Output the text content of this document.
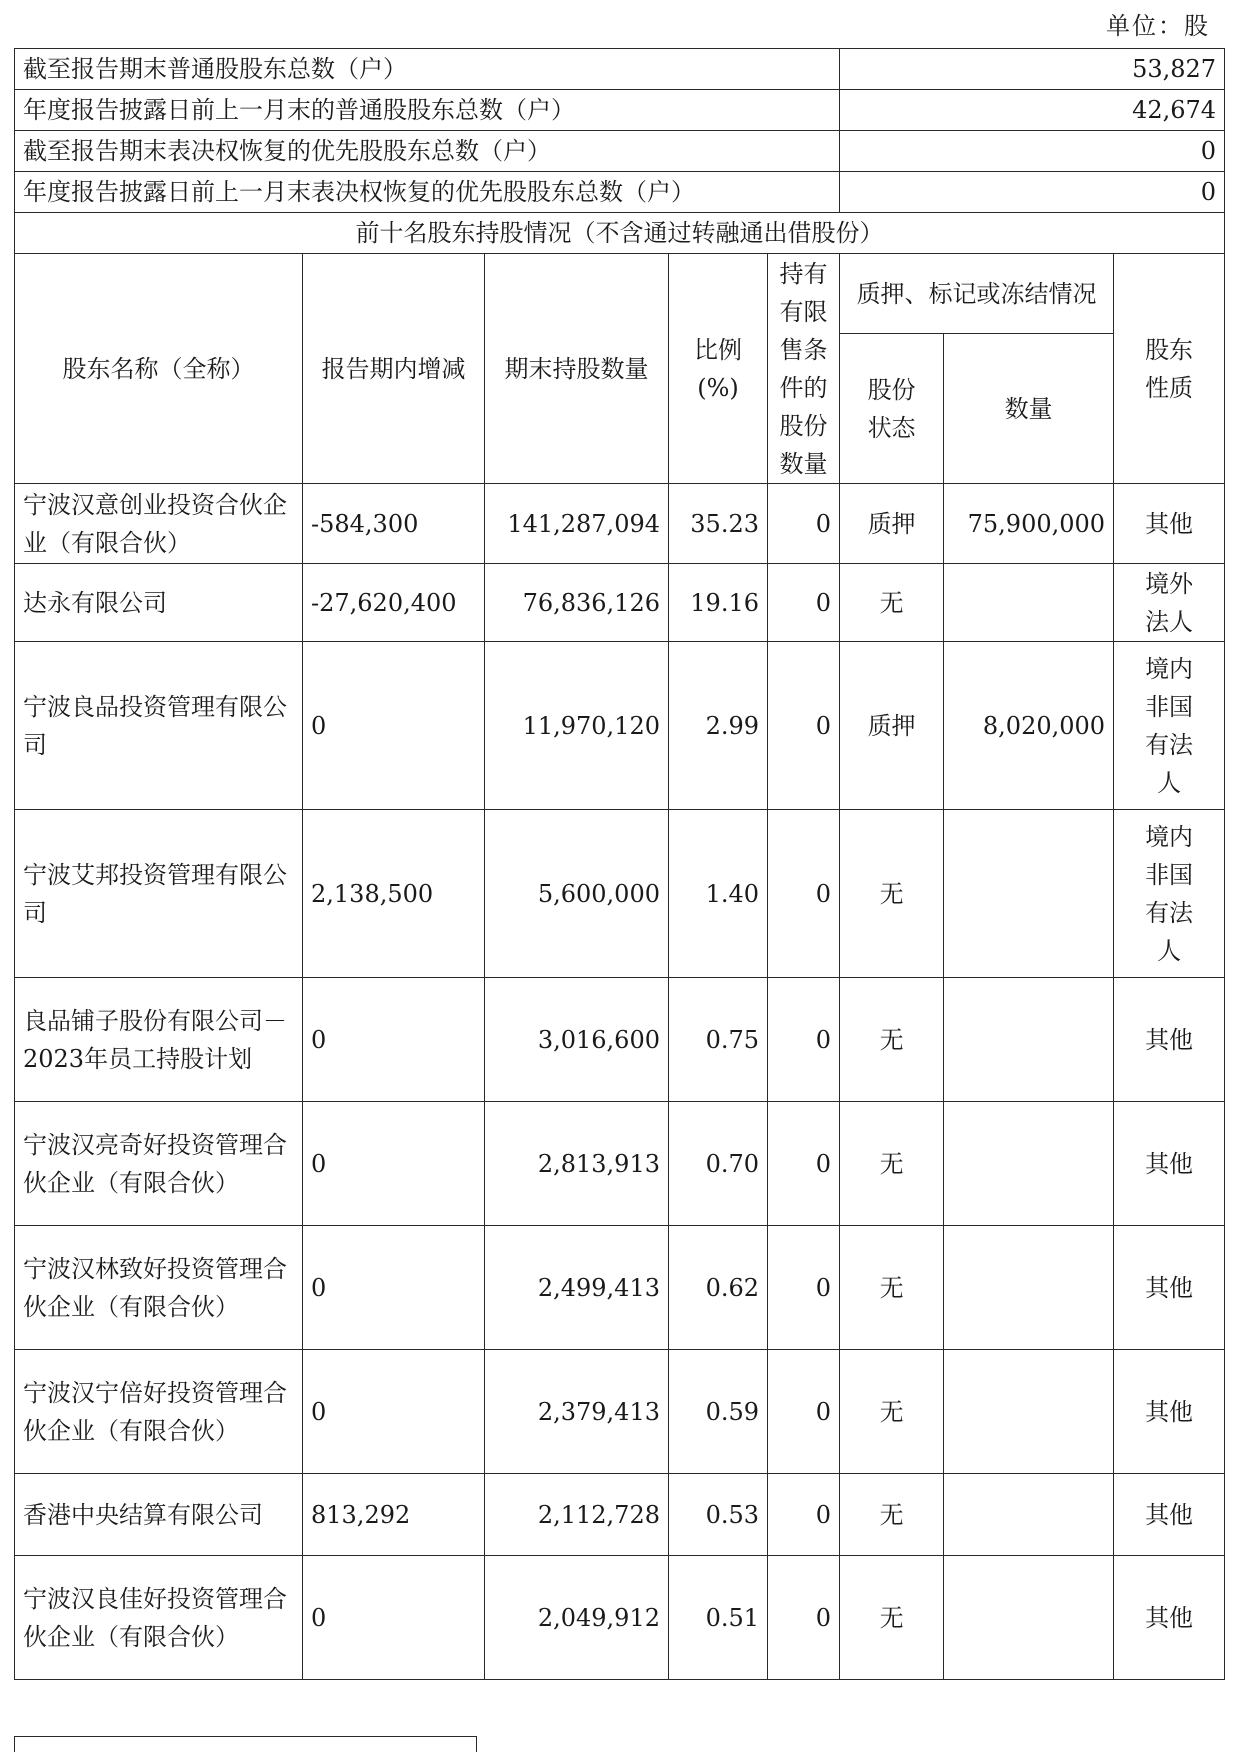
单位：股
截至报告期末普通股股东总数（户）					53,827		
年度报告披露日前上一月末的普通股股东总数（户）					42,674		
截至报告期末表决权恢复的优先股股东总数（户）					0		
年度报告披露日前上一月末表决权恢复的优先股股东总数（户）					0		
前十名股东持股情况（不含通过转融通出借股份）							
股东名称（全称）	报告期内增减	期末持股数量	比例(%)	持有有限售条件的股份数量	质押、标记或冻结情况		股东性质
					股份状态	数量	
宁波汉意创业投资合伙企业（有限合伙）	-584,300	141,287,094	35.23	0	质押	75,900,000	其他
达永有限公司	-27,620,400	76,836,126	19.16	0	无		境外法人
宁波良品投资管理有限公司	0	11,970,120	2.99	0	质押	8,020,000	境内非国有法人
宁波艾邦投资管理有限公司	2,138,500	5,600,000	1.40	0	无		境内非国有法人
良品铺子股份有限公司－2023年员工持股计划	0	3,016,600	0.75	0	无		其他
宁波汉亮奇好投资管理合伙企业（有限合伙）	0	2,813,913	0.70	0	无		其他
宁波汉林致好投资管理合伙企业（有限合伙）	0	2,499,413	0.62	0	无		其他
宁波汉宁倍好投资管理合伙企业（有限合伙）	0	2,379,413	0.59	0	无		其他
香港中央结算有限公司	813,292	2,112,728	0.53	0	无		其他
宁波汉良佳好投资管理合伙企业（有限合伙）	0	2,049,912	0.51	0	无		其他
